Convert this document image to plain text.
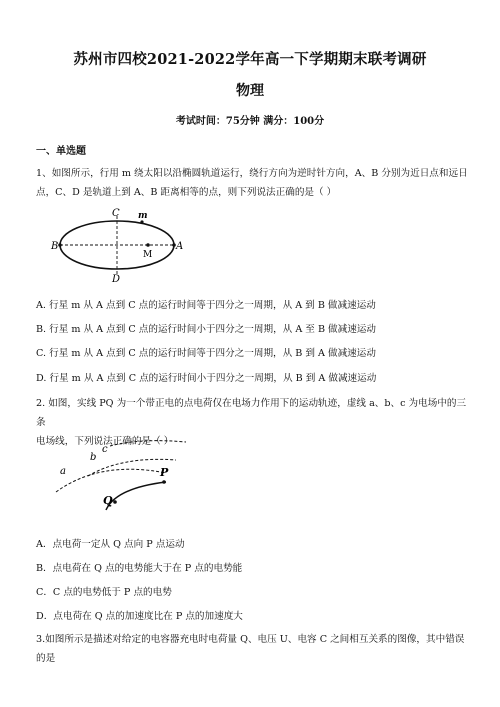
苏州市四校2021-2022学年高一下学期期末联考调研
物理
考试时间：75分钟 满分：100分
一、单选题
1、如图所示，行用 m 绕太阳以沿椭圆轨道运行，绕行方向为逆时针方向，A、B 分别为近日点和远日
点，C、D 是轨道上到 A、B 距离相等的点，则下列说法正确的是（ ）
C m
B
M
A
D
A. 行星 m 从 A 点到 C 点的运行时间等于四分之一周期，从 A 到 B 做减速运动
B. 行星 m 从 A 点到 C 点的运行时间小于四分之一周期，从 A 至 B 做减速运动
C. 行星 m 从 A 点到 C 点的运行时间等于四分之一周期，从 B 到 A 做减速运动
D. 行星 m 从 A 点到 C 点的运行时间小于四分之一周期，从 B 到 A 做减速运动
2. 如图，实线 PQ 为一个带正电的点电荷仅在电场力作用下的运动轨迹，虚线 a、b、c 为电场中的三条
电场线，下列说法正确的是（ ）
a
b
c
P
Q
A．点电荷一定从 Q 点向 P 点运动
B．点电荷在 Q 点的电势能大于在 P 点的电势能
C．C 点的电势低于 P 点的电势
D．点电荷在 Q 点的加速度比在 P 点的加速度大
3.如图所示是描述对给定的电容器充电时电荷量 Q、电压 U、电容 C 之间相互关系的图像，其中错误的是
